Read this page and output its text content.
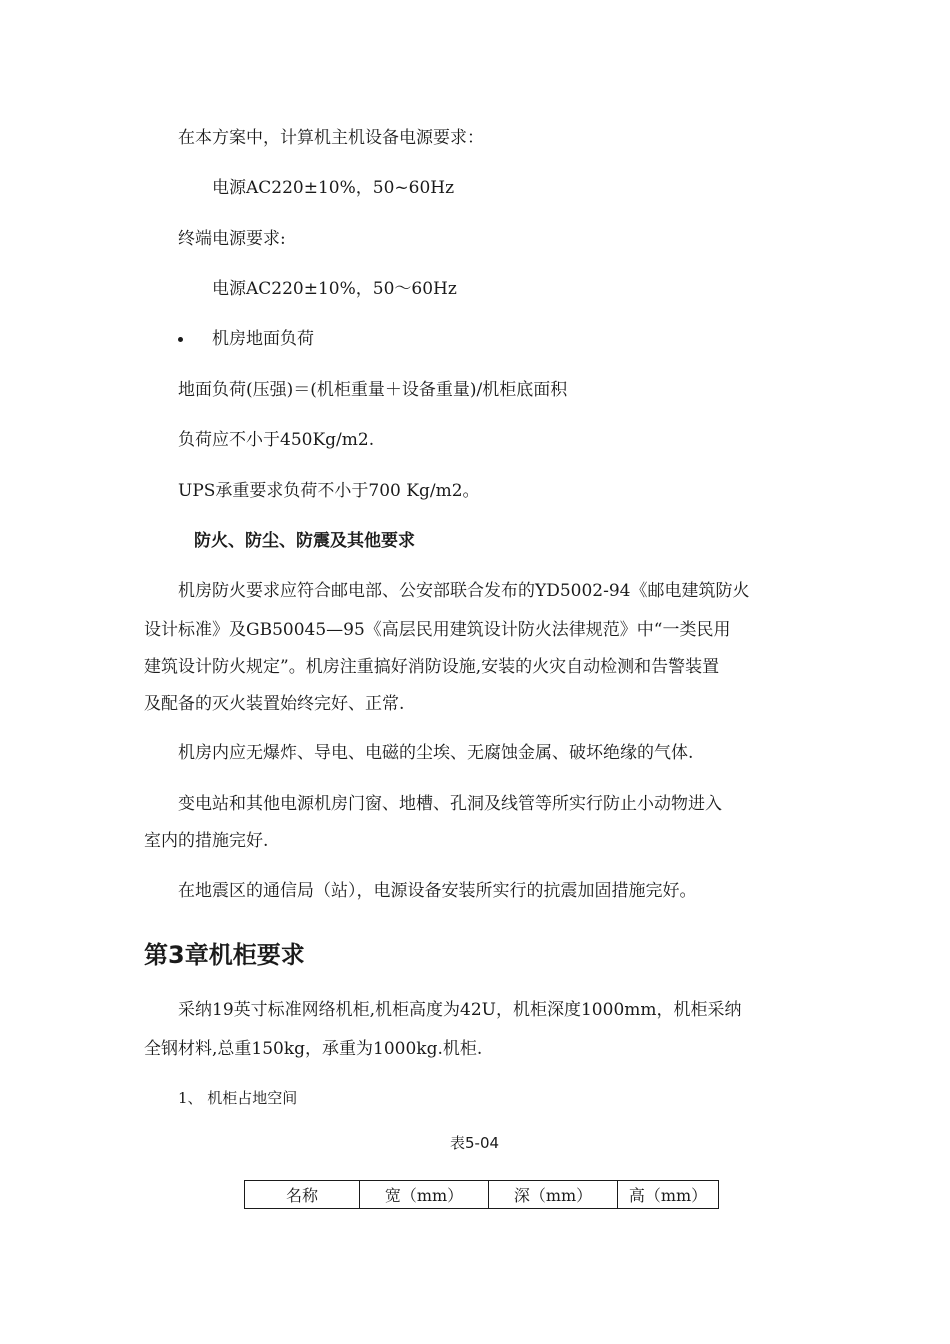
在本方案中，计算机主机设备电源要求：
电源AC220±10%，50~60Hz
终端电源要求:
电源AC220±10%，50～60Hz
机房地面负荷
地面负荷(压强)＝(机柜重量＋设备重量)/机柜底面积
负荷应不小于450Kg/m2.
UPS承重要求负荷不小于700 Kg/m2。
防火、防尘、防震及其他要求
机房防火要求应符合邮电部、公安部联合发布的YD5002-94《邮电建筑防火
设计标准》及GB50045—95《高层民用建筑设计防火法律规范》中“一类民用
建筑设计防火规定”。机房注重搞好消防设施,安装的火灾自动检测和告警装置
及配备的灭火装置始终完好、正常.
机房内应无爆炸、导电、电磁的尘埃、无腐蚀金属、破坏绝缘的气体.
变电站和其他电源机房门窗、地槽、孔洞及线管等所实行防止小动物进入
室内的措施完好.
在地震区的通信局（站），电源设备安装所实行的抗震加固措施完好。
第3章机柜要求
采纳19英寸标准网络机柜,机柜高度为42U，机柜深度1000mm，机柜采纳
全钢材料,总重150kg，承重为1000kg.机柜.
1、 机柜占地空间
表5-04
名称	宽（mm）	深（mm）	高（mm）
